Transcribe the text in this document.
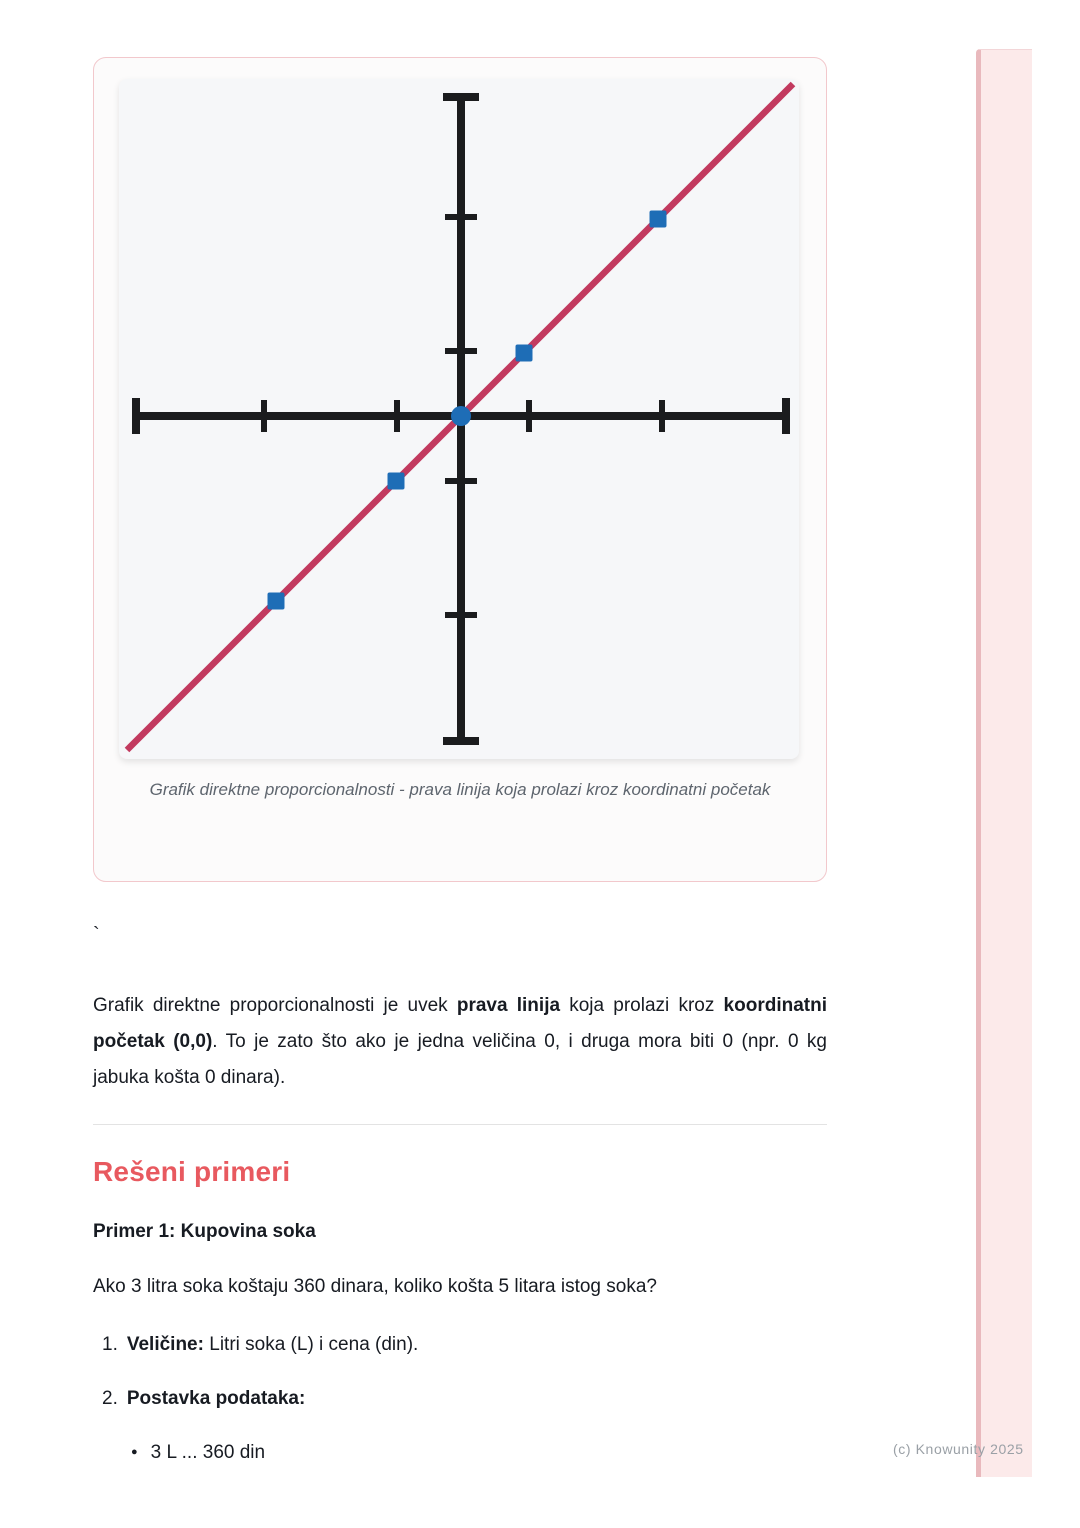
Grafik direktne proporcionalnosti - prava linija koja prolazi kroz koordinatni početak
`

Grafik direktne proporcionalnosti je uvek prava linija koja prolazi kroz koordinatni početak (0,0). To je zato što ako je jedna veličina 0, i druga mora biti 0 (npr. 0 kg jabuka košta 0 dinara).

Rešeni primeri
Primer 1: Kupovina soka

Ako 3 litra soka koštaju 360 dinara, koliko košta 5 litara istog soka?

1. Veličine: Litri soka (L) i cena (din).
2. Postavka podataka:
● 3 L ... 360 din	(c) Knowunity 2025
